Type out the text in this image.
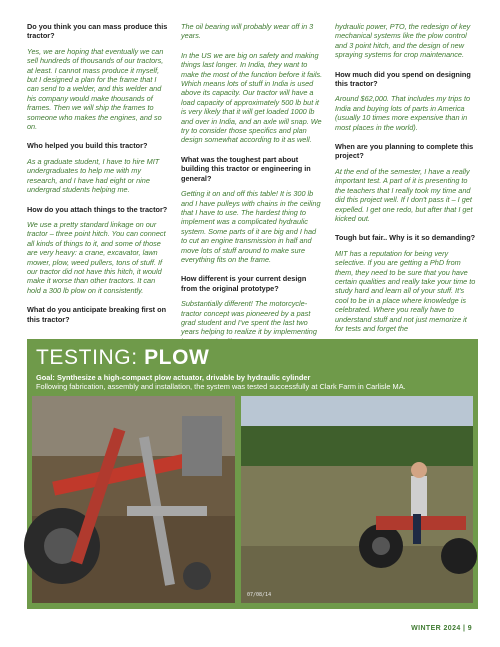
Do you think you can mass produce this tractor?
Yes, we are hoping that eventually we can sell hundreds of thousands of our tractors, at least. I cannot mass produce it myself, but I designed a plan for the frame that I can send to a welder, and this welder and his company would make thousands of frames. Then we will ship the frames to someone who makes the engines, and so on.
Who helped you build this tractor?
As a graduate student, I have to hire MIT undergraduates to help me with my research, and I have had eight or nine undergrad students helping me.
How do you attach things to the tractor?
We use a pretty standard linkage on our tractor – three point hitch. You can connect all kinds of things to it, and some of those are very heavy: a crane, excavator, lawn mower, plow, weed pullers, tons of stuff. If our tractor did not have this hitch, it would make it worse than other tractors. It can hold a 300 lb plow on it consistently.
What do you anticipate breaking first on this tractor?
The oil bearing will probably wear off in 3 years.
In the US we are big on safety and making things last longer. In India, they want to make the most of the function before it fails. Which means lots of stuff in India is used above its capacity. Our tractor will have a load capacity of approximately 500 lb but it is very likely that it will get loaded 1000 lb and over in India, and an axle will snap. We try to consider those specifics and plan design somewhat according to it as well.
What was the toughest part about building this tractor or engineering in general?
Getting it on and off this table! It is 300 lb and I have pulleys with chains in the ceiling that I have to use. The hardest thing to implement was a complicated hydraulic system. Some parts of it are big and I had to cut an engine transmission in half and move lots of stuff around to make sure everything fits on the frame.
How different is your current design from the original prototype?
Substantially different! The motorcycle-tractor concept was pioneered by a past grad student and I've spent the last two years helping to realize it by implementing
hydraulic power, PTO, the redesign of key mechanical systems like the plow control and 3 point hitch, and the design of new spraying systems for crop maintenance.
How much did you spend on designing this tractor?
Around $62,000. That includes my trips to India and buying lots of parts in America (usually 10 times more expensive than in most places in the world).
When are you planning to complete this project?
At the end of the semester, I have a really important test. A part of it is presenting to the teachers that I really took my time and did this project well. If I don't pass it – I get expelled. I get one redo, but after that I get kicked out.
Tough but fair.. Why is it so demanding?
MIT has a reputation for being very selective. If you are getting a PhD from them, they need to be sure that you have certain qualities and really take your time to study hard and learn all of your stuff. It's cool to be in a place where knowledge is celebrated. Where you really have to understand stuff and not just memorize it for tests and forget the
TESTING: PLOW
Goal: Synthesize a high-compact plow actuator, drivable by hydraulic cylinder
Following fabrication, assembly and installation, the system was tested successfully at Clark Farm in Carlisle MA.
07/08/14
WINTER 2024 | 9
